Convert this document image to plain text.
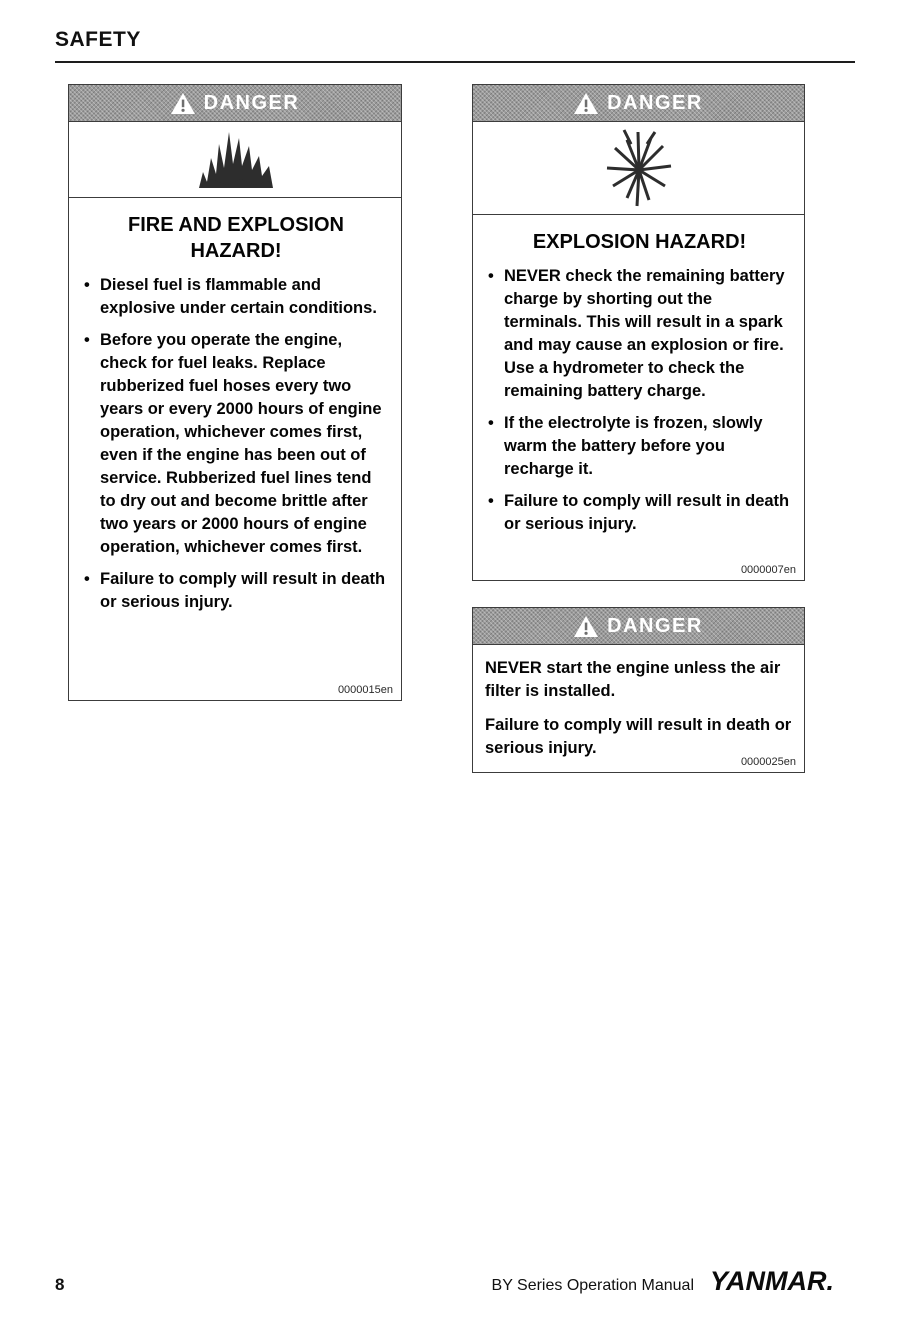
SAFETY
DANGER
FIRE AND EXPLOSION HAZARD!
• Diesel fuel is flammable and explosive under certain conditions.
• Before you operate the engine, check for fuel leaks. Replace rubberized fuel hoses every two years or every 2000 hours of engine operation, whichever comes first, even if the engine has been out of service. Rubberized fuel lines tend to dry out and become brittle after two years or 2000 hours of engine operation, whichever comes first.
• Failure to comply will result in death or serious injury.
0000015en
DANGER
EXPLOSION HAZARD!
• NEVER check the remaining battery charge by shorting out the terminals. This will result in a spark and may cause an explosion or fire. Use a hydrometer to check the remaining battery charge.
• If the electrolyte is frozen, slowly warm the battery before you recharge it.
• Failure to comply will result in death or serious injury.
0000007en
DANGER

NEVER start the engine unless the air filter is installed.

Failure to comply will result in death or serious injury.

0000025en
8	BY Series Operation Manual YANMAR.
